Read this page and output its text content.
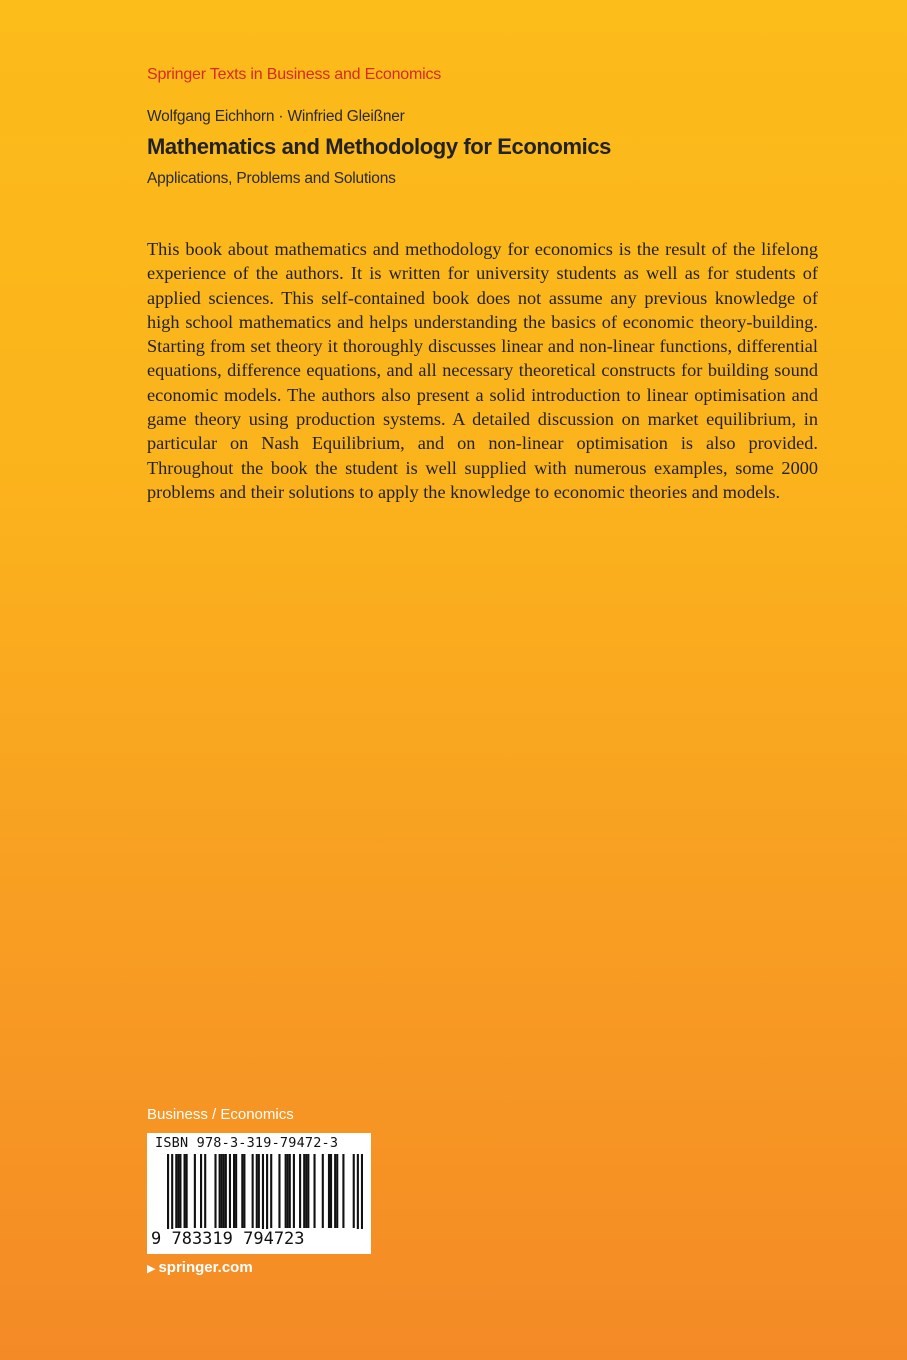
Springer Texts in Business and Economics
Wolfgang Eichhorn · Winfried Gleißner
Mathematics and Methodology for Economics
Applications, Problems and Solutions

This book about mathematics and methodology for economics is the result of the lifelong experience of the authors. It is written for university students as well as for students of applied sciences. This self-contained book does not assume any previous knowledge of high school mathematics and helps understanding the basics of economic theory-building. Starting from set theory it thoroughly discusses linear and non-linear functions, differential equations, difference equations, and all necessary theoretical constructs for building sound economic models. The authors also present a solid introduction to linear optimisation and game theory using production systems. A detailed discussion on market equilibrium, in particular on Nash Equilibrium, and on non-linear optimisation is also provided. Throughout the book the student is well supplied with numerous examples, some 2000 problems and their solutions to apply the knowledge to economic theories and models.

Business / Economics
ISBN 978-3-319-79472-3
9 783319 794723
▶ springer.com
